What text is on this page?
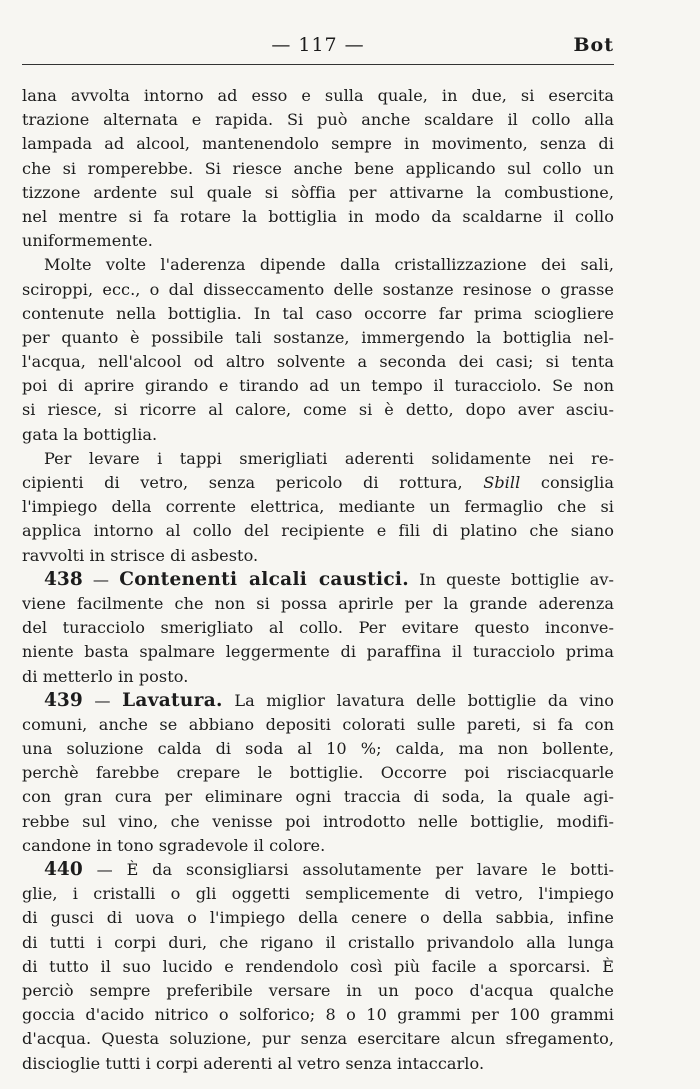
— 117 —	Bot
lana avvolta intorno ad esso e sulla quale, in due, si esercita
trazione alternata e rapida. Si può anche scaldare il collo alla
lampada ad alcool, mantenendolo sempre in movimento, senza di
che si romperebbe. Si riesce anche bene applicando sul collo un
tizzone ardente sul quale si sòffia per attivarne la combustione,
nel mentre si fa rotare la bottiglia in modo da scaldarne il collo
uniformemente.
Molte volte l'aderenza dipende dalla cristallizzazione dei sali,
sciroppi, ecc., o dal disseccamento delle sostanze resinose o grasse
contenute nella bottiglia. In tal caso occorre far prima sciogliere
per quanto è possibile tali sostanze, immergendo la bottiglia nel-
l'acqua, nell'alcool od altro solvente a seconda dei casi; si tenta
poi di aprire girando e tirando ad un tempo il turacciolo. Se non
si riesce, si ricorre al calore, come si è detto, dopo aver asciu-
gata la bottiglia.
Per levare i tappi smerigliati aderenti solidamente nei re-
cipienti di vetro, senza pericolo di rottura, Sbill consiglia
l'impiego della corrente elettrica, mediante un fermaglio che si
applica intorno al collo del recipiente e fili di platino che siano
ravvolti in strisce di asbesto.
438 — Contenenti alcali caustici. In queste bottiglie av-
viene facilmente che non si possa aprirle per la grande aderenza
del turacciolo smerigliato al collo. Per evitare questo inconve-
niente basta spalmare leggermente di paraffina il turacciolo prima
di metterlo in posto.
439 — Lavatura. La miglior lavatura delle bottiglie da vino
comuni, anche se abbiano depositi colorati sulle pareti, si fa con
una soluzione calda di soda al 10 %; calda, ma non bollente,
perchè farebbe crepare le bottiglie. Occorre poi risciacquarle
con gran cura per eliminare ogni traccia di soda, la quale agi-
rebbe sul vino, che venisse poi introdotto nelle bottiglie, modifi-
candone in tono sgradevole il colore.
440 — È da sconsigliarsi assolutamente per lavare le botti-
glie, i cristalli o gli oggetti semplicemente di vetro, l'impiego
di gusci di uova o l'impiego della cenere o della sabbia, infine
di tutti i corpi duri, che rigano il cristallo privandolo alla lunga
di tutto il suo lucido e rendendolo così più facile a sporcarsi. È
perciò sempre preferibile versare in un poco d'acqua qualche
goccia d'acido nitrico o solforico; 8 o 10 grammi per 100 grammi
d'acqua. Questa soluzione, pur senza esercitare alcun sfregamento,
discioglie tutti i corpi aderenti al vetro senza intaccarlo.
